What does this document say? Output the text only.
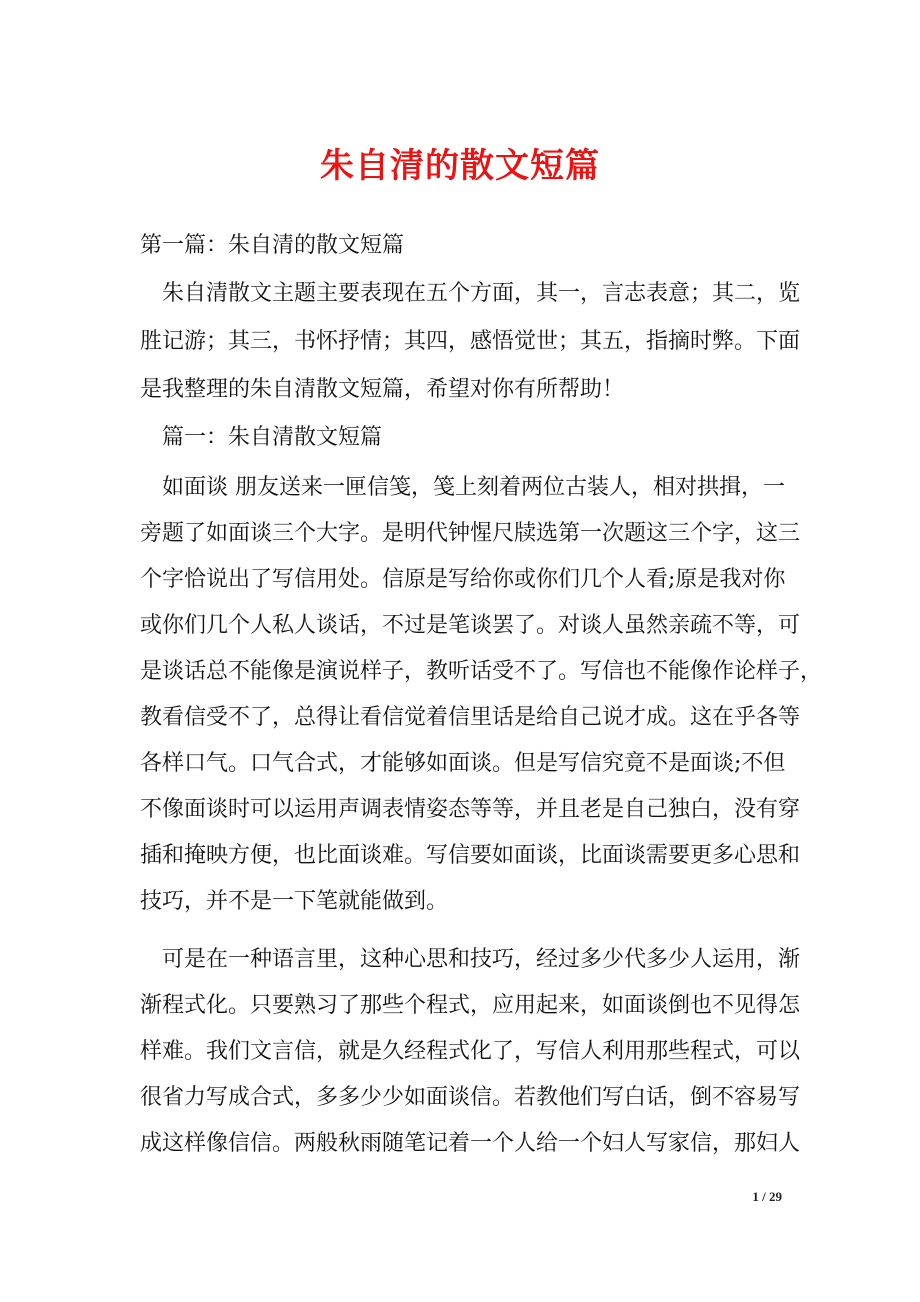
朱自清的散文短篇
第一篇：朱自清的散文短篇
　朱自清散文主题主要表现在五个方面，其一，言志表意；其二，览
胜记游；其三，书怀抒情；其四，感悟觉世；其五，指摘时弊。下面
是我整理的朱自清散文短篇，希望对你有所帮助！
　篇一：朱自清散文短篇
　如面谈 朋友送来一匣信笺，笺上刻着两位古装人，相对拱揖，一
旁题了如面谈三个大字。是明代钟惺尺牍选第一次题这三个字，这三
个字恰说出了写信用处。信原是写给你或你们几个人看;原是我对你
或你们几个人私人谈话，不过是笔谈罢了。对谈人虽然亲疏不等，可
是谈话总不能像是演说样子，教听话受不了。写信也不能像作论样子，
教看信受不了，总得让看信觉着信里话是给自己说才成。这在乎各等
各样口气。口气合式，才能够如面谈。但是写信究竟不是面谈;不但
不像面谈时可以运用声调表情姿态等等，并且老是自己独白，没有穿
插和掩映方便，也比面谈难。写信要如面谈，比面谈需要更多心思和
技巧，并不是一下笔就能做到。
　可是在一种语言里，这种心思和技巧，经过多少代多少人运用，渐
渐程式化。只要熟习了那些个程式，应用起来，如面谈倒也不见得怎
样难。我们文言信，就是久经程式化了，写信人利用那些程式，可以
很省力写成合式，多多少少如面谈信。若教他们写白话，倒不容易写
成这样像信信。两般秋雨随笔记着一个人给一个妇人写家信，那妇人
1 / 29
